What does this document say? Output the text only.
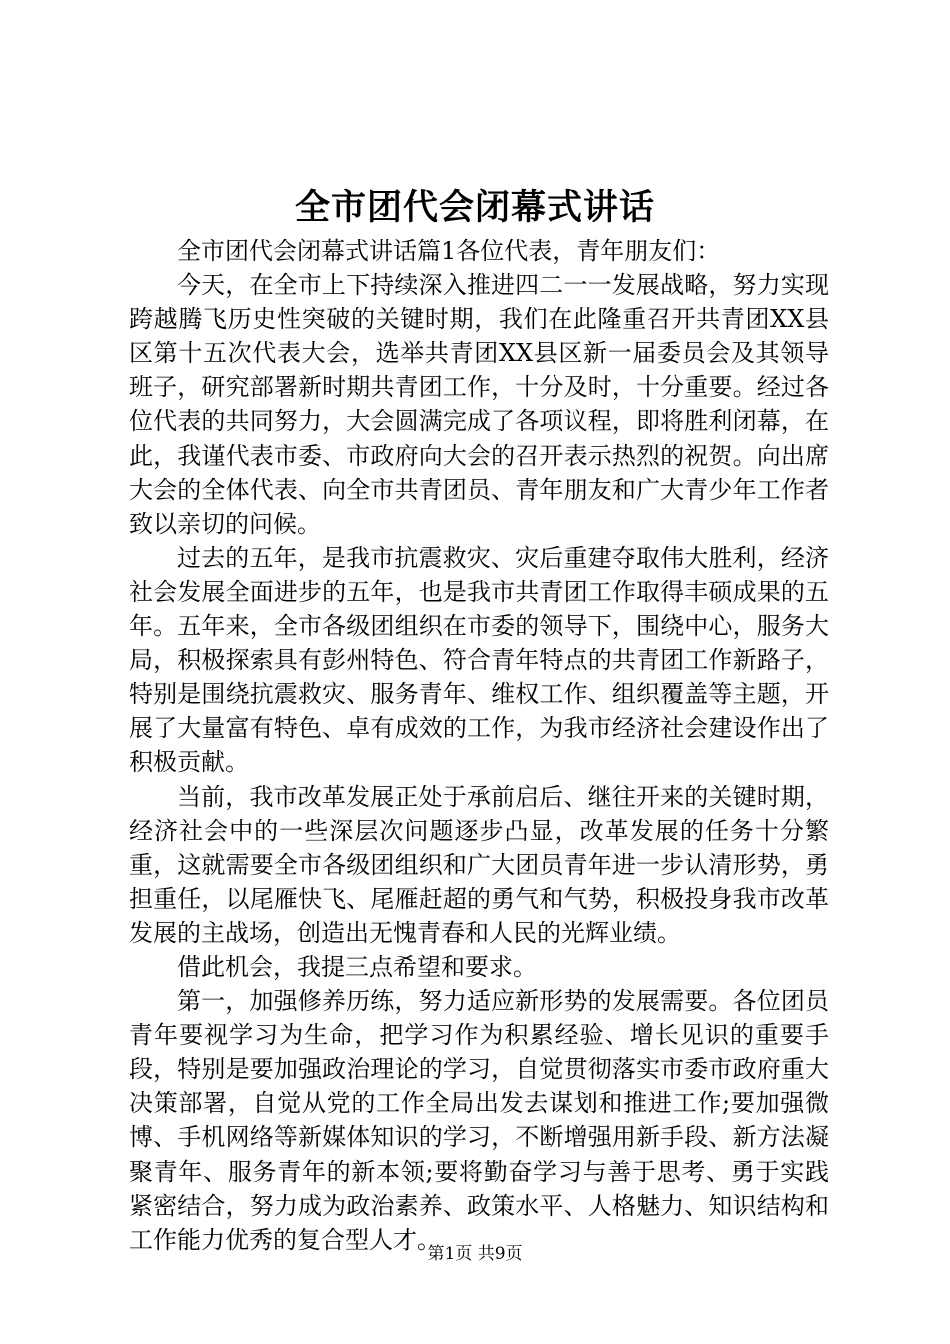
全市团代会闭幕式讲话

全市团代会闭幕式讲话篇1各位代表，青年朋友们：

今天，在全市上下持续深入推进四二一一发展战略，努力实现跨越腾飞历史性突破的关键时期，我们在此隆重召开共青团XX县区第十五次代表大会，选举共青团XX县区新一届委员会及其领导班子，研究部署新时期共青团工作，十分及时，十分重要。经过各位代表的共同努力，大会圆满完成了各项议程，即将胜利闭幕，在此，我谨代表市委、市政府向大会的召开表示热烈的祝贺。向出席大会的全体代表、向全市共青团员、青年朋友和广大青少年工作者致以亲切的问候。

过去的五年，是我市抗震救灾、灾后重建夺取伟大胜利，经济社会发展全面进步的五年，也是我市共青团工作取得丰硕成果的五年。五年来，全市各级团组织在市委的领导下，围绕中心，服务大局，积极探索具有彭州特色、符合青年特点的共青团工作新路子，特别是围绕抗震救灾、服务青年、维权工作、组织覆盖等主题，开展了大量富有特色、卓有成效的工作，为我市经济社会建设作出了积极贡献。

当前，我市改革发展正处于承前启后、继往开来的关键时期，经济社会中的一些深层次问题逐步凸显，改革发展的任务十分繁重，这就需要全市各级团组织和广大团员青年进一步认清形势，勇担重任，以尾雁快飞、尾雁赶超的勇气和气势，积极投身我市改革发展的主战场，创造出无愧青春和人民的光辉业绩。

借此机会，我提三点希望和要求。

第一，加强修养历练，努力适应新形势的发展需要。各位团员青年要视学习为生命，把学习作为积累经验、增长见识的重要手段，特别是要加强政治理论的学习，自觉贯彻落实市委市政府重大决策部署，自觉从党的工作全局出发去谋划和推进工作;要加强微博、手机网络等新媒体知识的学习，不断增强用新手段、新方法凝聚青年、服务青年的新本领;要将勤奋学习与善于思考、勇于实践紧密结合，努力成为政治素养、政策水平、人格魅力、知识结构和工作能力优秀的复合型人才。

第1页 共9页
